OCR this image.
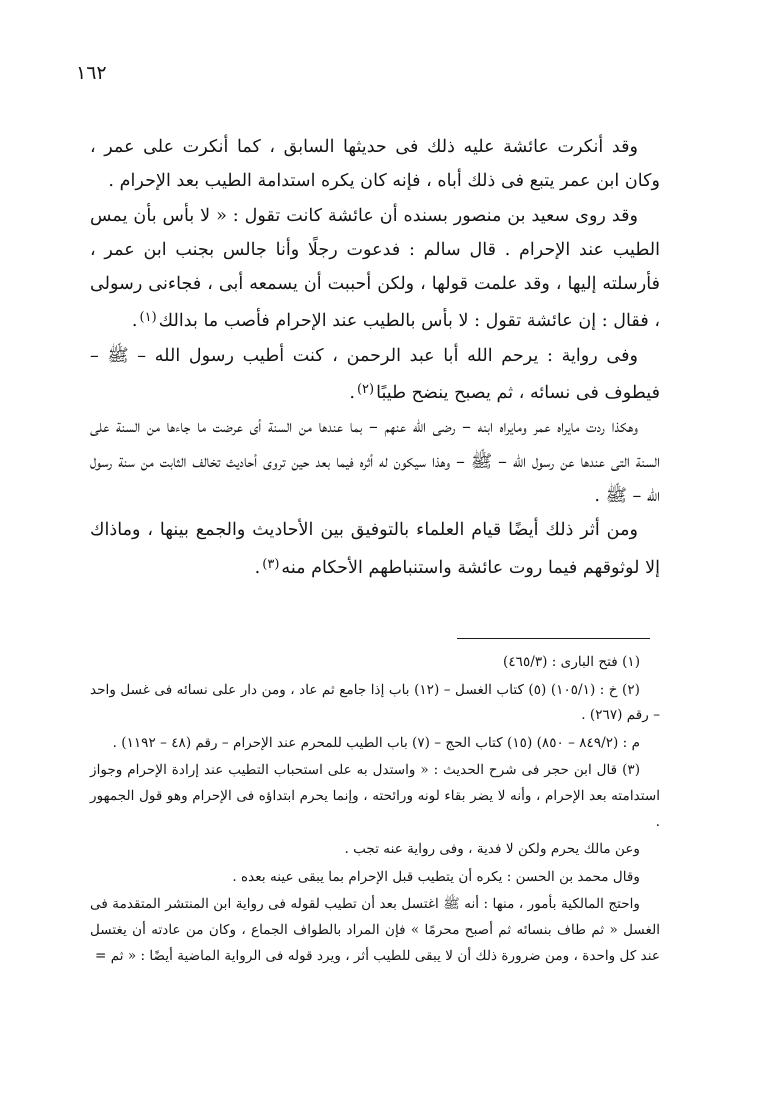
١٦٢

وقد أنكرت عائشة عليه ذلك فى حديثها السابق ، كما أنكرت على عمر ، وكان ابن عمر يتبع فى ذلك أباه ، فإنه كان يكره استدامة الطيب بعد الإحرام .

وقد روى سعيد بن منصور بسنده أن عائشة كانت تقول : « لا بأس بأن يمس الطيب عند الإحرام . قال سالم : فدعوت رجلًا وأنا جالس بجنب ابن عمر ، فأرسلته إليها ، وقد علمت قولها ، ولكن أحببت أن يسمعه أبى ، فجاءنى رسولى ، فقال : إن عائشة تقول : لا بأس بالطيب عند الإحرام فأصب ما بدالك$^{(١)}$.

وفى رواية : يرحم الله أبا عبد الرحمن ، كنت أطيب رسول الله – ﷺ – فيطوف فى نسائه ، ثم يصبح ينضح طيبًا$^{(٢)}$.

وهكذا ردت مايراه عمر ومايراه ابنه – رضى الله عنهم – بما عندها من السنة أى عرضت ما جاءها من السنة على السنة التى عندها عن رسول الله – ﷺ – وهذا سيكون له أثره فيما بعد حين تروى أحاديث تخالف الثابت من سنة رسول الله – ﷺ .

ومن أثر ذلك أيضًا قيام العلماء بالتوفيق بين الأحاديث والجمع بينها ، وماذاك إلا لوثوقهم فيما روت عائشة واستنباطهم الأحكام منه$^{(٣)}$.

(١) فتح البارى : (٤٦٥/٣)

(٢) خ : (١٠٥/١) (٥) كتاب الغسل – (١٢) باب إذا جامع ثم عاد ، ومن دار على نسائه فى غسل واحد – رقم (٢٦٧) .

م : (٨٤٩/٢ – ٨٥٠) (١٥) كتاب الحج – (٧) باب الطيب للمحرم عند الإحرام – رقم (٤٨ – ١١٩٢) .

(٣) قال ابن حجر فى شرح الحديث : « واستدل به على استحباب التطيب عند إرادة الإحرام وجواز استدامته بعد الإحرام ، وأنه لا يضر بقاء لونه ورائحته ، وإنما يحرم ابتداؤه فى الإحرام وهو قول الجمهور .

وعن مالك يحرم ولكن لا فدية ، وفى رواية عنه تجب .

وقال محمد بن الحسن : يكره أن يتطيب قبل الإحرام بما يبقى عينه بعده .

واحتج المالكية بأمور ، منها : أنه ﷺ اغتسل بعد أن تطيب لقوله فى رواية ابن المنتشر المتقدمة فى الغسل « ثم طاف بنسائه ثم أصبح محرمًا » فإن المراد بالطواف الجماع ، وكان من عادته أن يغتسل عند كل واحدة ، ومن ضرورة ذلك أن لا يبقى للطيب أثر ، ويرد قوله فى الرواية الماضية أيضًا : « ثم =
